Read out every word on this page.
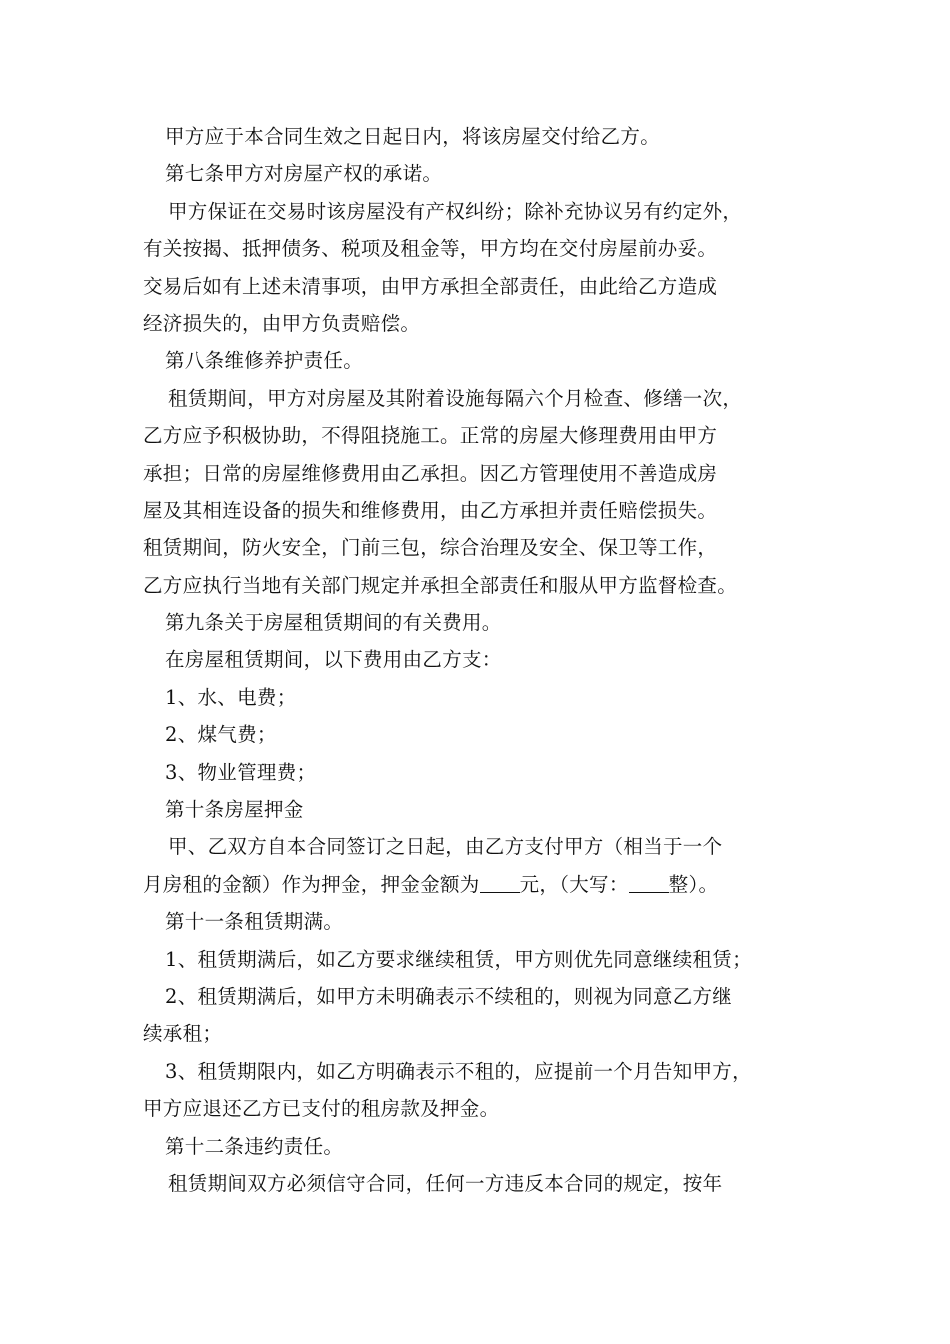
甲方应于本合同生效之日起日内，将该房屋交付给乙方。
第七条甲方对房屋产权的承诺。
甲方保证在交易时该房屋没有产权纠纷；除补充协议另有约定外，
有关按揭、抵押债务、税项及租金等，甲方均在交付房屋前办妥。
交易后如有上述未清事项，由甲方承担全部责任，由此给乙方造成
经济损失的，由甲方负责赔偿。
第八条维修养护责任。
租赁期间，甲方对房屋及其附着设施每隔六个月检查、修缮一次，
乙方应予积极协助，不得阻挠施工。正常的房屋大修理费用由甲方
承担；日常的房屋维修费用由乙承担。因乙方管理使用不善造成房
屋及其相连设备的损失和维修费用，由乙方承担并责任赔偿损失。
租赁期间，防火安全，门前三包，综合治理及安全、保卫等工作，
乙方应执行当地有关部门规定并承担全部责任和服从甲方监督检查。
第九条关于房屋租赁期间的有关费用。
在房屋租赁期间，以下费用由乙方支：
1、水、电费；
2、煤气费；
3、物业管理费；
第十条房屋押金
甲、乙双方自本合同签订之日起，由乙方支付甲方（相当于一个
月房租的金额）作为押金，押金金额为 元，（大写： 整）。
第十一条租赁期满。
1、租赁期满后，如乙方要求继续租赁，甲方则优先同意继续租赁；
2、租赁期满后，如甲方未明确表示不续租的，则视为同意乙方继
续承租；
3、租赁期限内，如乙方明确表示不租的，应提前一个月告知甲方，
甲方应退还乙方已支付的租房款及押金。
第十二条违约责任。
租赁期间双方必须信守合同，任何一方违反本合同的规定，按年
